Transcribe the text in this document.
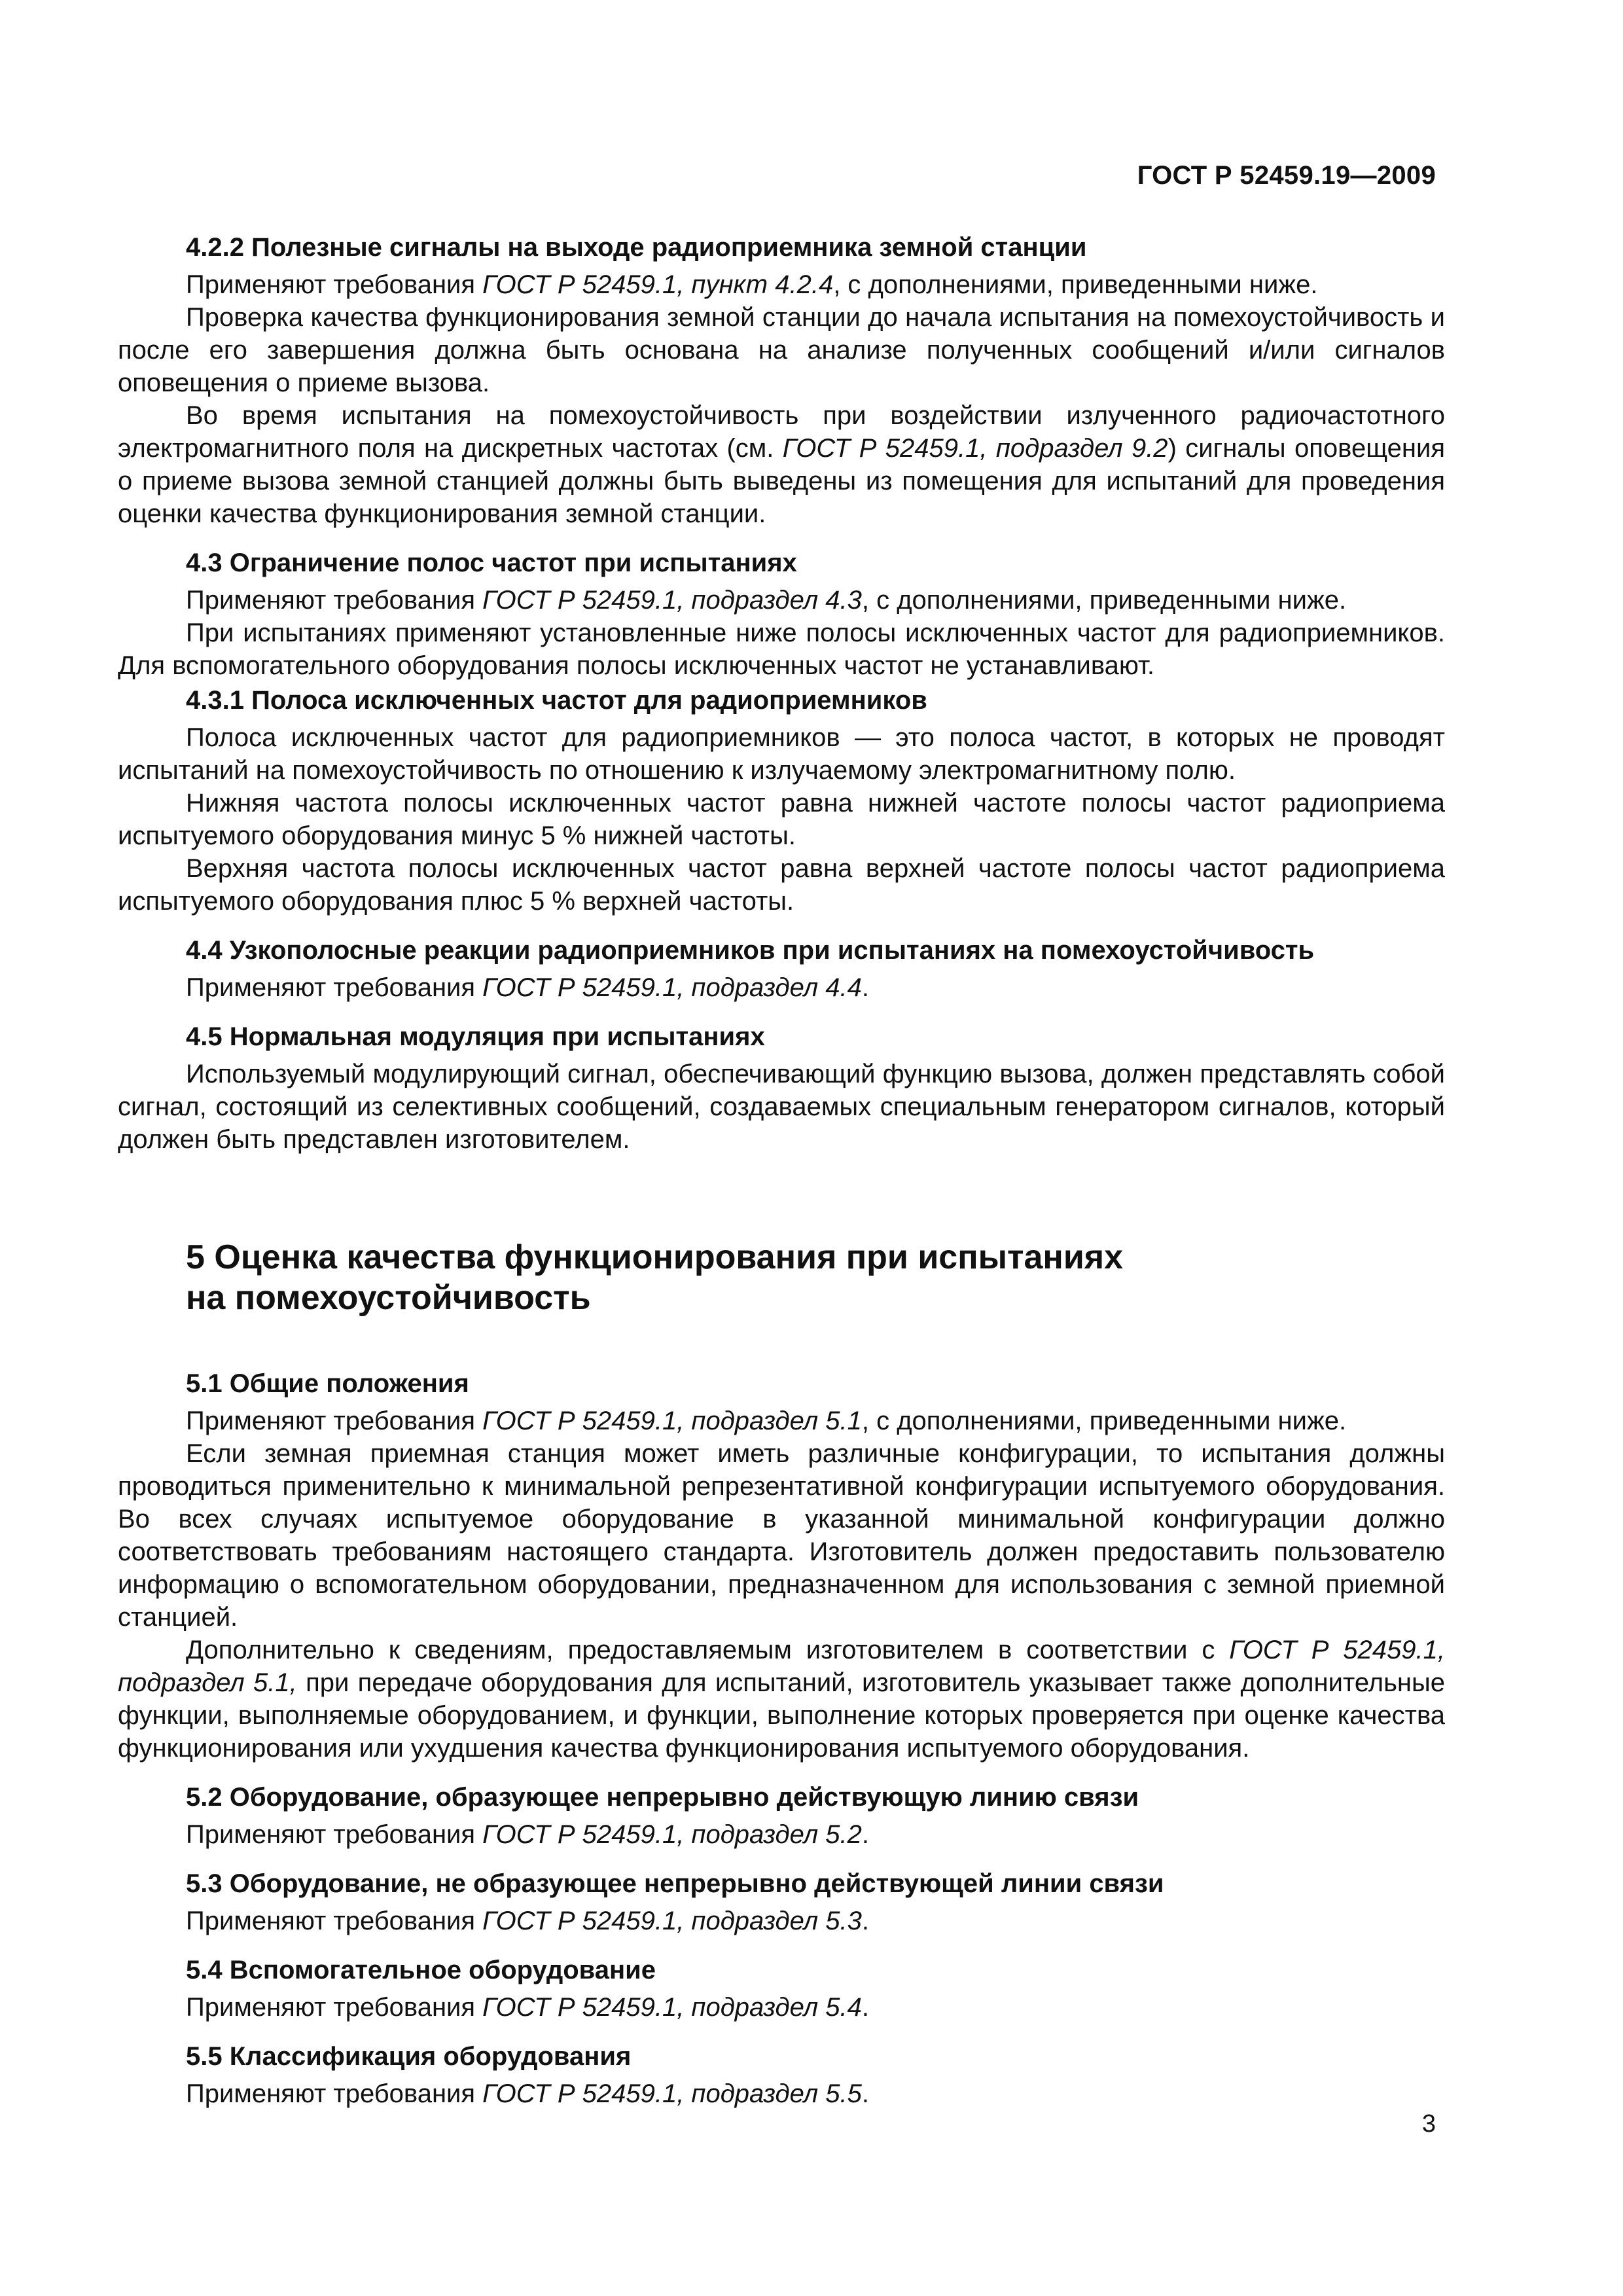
ГОСТ Р 52459.19—2009
4.2.2 Полезные сигналы на выходе радиоприемника земной станции

Применяют требования ГОСТ Р 52459.1, пункт 4.2.4, с дополнениями, приведенными ниже.

Проверка качества функционирования земной станции до начала испытания на помехоустойчивость и после его завершения должна быть основана на анализе полученных сообщений и/или сигналов оповещения о приеме вызова.

Во время испытания на помехоустойчивость при воздействии излученного радиочастотного электромагнитного поля на дискретных частотах (см. ГОСТ Р 52459.1, подраздел 9.2) сигналы оповещения о приеме вызова земной станцией должны быть выведены из помещения для испытаний для проведения оценки качества функционирования земной станции.

4.3 Ограничение полос частот при испытаниях

Применяют требования ГОСТ Р 52459.1, подраздел 4.3, с дополнениями, приведенными ниже.

При испытаниях применяют установленные ниже полосы исключенных частот для радиоприемников. Для вспомогательного оборудования полосы исключенных частот не устанавливают.

4.3.1 Полоса исключенных частот для радиоприемников

Полоса исключенных частот для радиоприемников — это полоса частот, в которых не проводят испытаний на помехоустойчивость по отношению к излучаемому электромагнитному полю.

Нижняя частота полосы исключенных частот равна нижней частоте полосы частот радиоприема испытуемого оборудования минус 5 % нижней частоты.

Верхняя частота полосы исключенных частот равна верхней частоте полосы частот радиоприема испытуемого оборудования плюс 5 % верхней частоты.

4.4 Узкополосные реакции радиоприемников при испытаниях на помехоустойчивость

Применяют требования ГОСТ Р 52459.1, подраздел 4.4.

4.5 Нормальная модуляция при испытаниях

Используемый модулирующий сигнал, обеспечивающий функцию вызова, должен представлять собой сигнал, состоящий из селективных сообщений, создаваемых специальным генератором сигналов, который должен быть представлен изготовителем.

5 Оценка качества функционирования при испытаниях
на помехоустойчивость
5.1 Общие положения

Применяют требования ГОСТ Р 52459.1, подраздел 5.1, с дополнениями, приведенными ниже.

Если земная приемная станция может иметь различные конфигурации, то испытания должны проводиться применительно к минимальной репрезентативной конфигурации испытуемого оборудования. Во всех случаях испытуемое оборудование в указанной минимальной конфигурации должно соответствовать требованиям настоящего стандарта. Изготовитель должен предоставить пользователю информацию о вспомогательном оборудовании, предназначенном для использования с земной приемной станцией.

Дополнительно к сведениям, предоставляемым изготовителем в соответствии с ГОСТ Р 52459.1, подраздел 5.1, при передаче оборудования для испытаний, изготовитель указывает также дополнительные функции, выполняемые оборудованием, и функции, выполнение которых проверяется при оценке качества функционирования или ухудшения качества функционирования испытуемого оборудования.

5.2 Оборудование, образующее непрерывно действующую линию связи

Применяют требования ГОСТ Р 52459.1, подраздел 5.2.

5.3 Оборудование, не образующее непрерывно действующей линии связи

Применяют требования ГОСТ Р 52459.1, подраздел 5.3.

5.4 Вспомогательное оборудование

Применяют требования ГОСТ Р 52459.1, подраздел 5.4.

5.5 Классификация оборудования

Применяют требования ГОСТ Р 52459.1, подраздел 5.5.

3
